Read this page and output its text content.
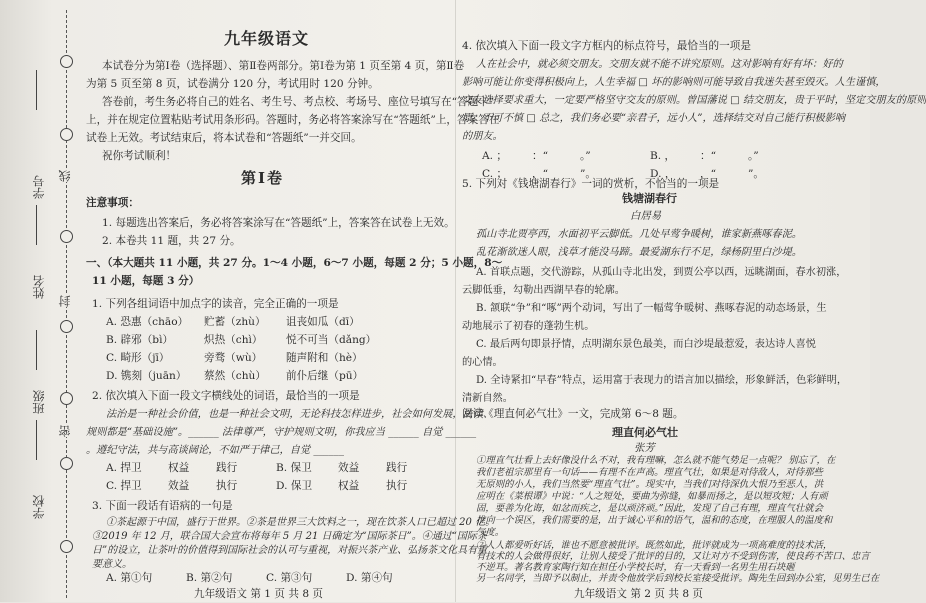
学号
姓名
班级
学校
线
封
密
九年级语文
本试卷分为第Ⅰ卷（选择题）、第Ⅱ卷两部分。第Ⅰ卷为第 1 页至第 4 页，第Ⅱ卷
为第 5 页至第 8 页，试卷满分 120 分，考试用时 120 分钟。
答卷前，考生务必将自己的姓名、考生号、考点校、考场号、座位号填写在“答题卡”
上，并在规定位置粘贴考试用条形码。答题时，务必将答案涂写在“答题纸”上，答案答在
试卷上无效。考试结束后，将本试卷和“答题纸”一并交回。
祝你考试顺利！
第Ⅰ卷
注意事项：
1. 每题选出答案后，务必将答案涂写在“答题纸”上，答案答在试卷上无效。
2. 本卷共 11 题，共 27 分。
一、（本大题共 11 小题，共 27 分。1～4 小题，6～7 小题，每题 2 分；5 小题，8～
11 小题，每题 3 分）
1. 下列各组词语中加点字的读音，完全正确的一项是
A. 恐惠（chāo） 贮蓄（zhù） 诅丧如瓜（dī）
B. 辟邪（bì）	炽热（chì） 悦不可当（dǎng）
C. 畸形（jī）	旁骛（wù） 随声附和（hè）
D. 镌刻（juān） 蔡然（chù） 前仆后继（pū）
2. 依次填入下面一段文字横线处的词语，最恰当的一项是
法治是一种社会价值，也是一种社会文明，无论科技怎样进步，社会如何发展，法律、
规则都是“基础设施”。______ 法律尊严，守护规则文明，你我应当 ______ 自觉 ______
。遵纪守法，共与高谈阔论，不如严于律己，自觉 ______
A. 捍卫 权益	践行	B. 保卫 效益	践行
C. 捍卫 效益	执行	D. 保卫 权益	执行
3. 下面一段话有语病的一句是
①茶起源于中国，盛行于世界。②茶是世界三大饮料之一，现在饮茶人口已超过 20 亿。
③2019 年 12 月，联合国大会宣布将每年 5 月 21 日确定为“国际茶日”。④通过“国际茶
日”的设立，让茶叶的价值得到国际社会的认可与重视，对振兴茶产业、弘扬茶文化具有重
要意义。
九年级语文 第 1 页 共 8 页
A. 第①句	B. 第②句	C. 第③句	D. 第④句
4. 依次填入下面一段文字方框内的标点符号，最恰当的一项是
人在社会中，就必须交朋友。交朋友就不能不讲究原则。这对影响有好有坏：好的
影响可能让你变得积极向上，人生幸福 □ 坏的影响则可能导致自我迷失甚至毁灭。人生谨慎，
交友选择要求重大，一定要严格坚守交友的原则。曾国藩说 □ 结交朋友，贵于平时，坚定交朋友的原则
原，不可不慎 □ 总之，我们务必要“亲君子，远小人”，选择结交对自己能行积极影响
的朋友。
A. ； ：“	。”	B. ， ：“	。”
C. ； ，“	”。	D. ， ，“	”。
钱塘湖春行
白居易
孤山寺北贾亭西，水面初平云脚低。几处早莺争暖树，谁家新燕啄春泥。
乱花渐欲迷人眼，浅草才能没马蹄。最爱湖东行不足，绿杨阴里白沙堤。
5. 下列对《钱塘湖春行》一词的赏析，不恰当的一项是
A. 首联点题，交代游踪，从孤山寺北出发，到贾公亭以西，远眺湖面，春水初涨，
云脚低垂，勾勒出西湖早春的轮廓。
B. 颔联“争”和“啄”两个动词，写出了一幅莺争暖树、燕啄春泥的动态场景，生
动地展示了初春的蓬勃生机。
C. 最后两句即景抒情，点明湖东景色最美，而白沙堤最惹爱，表达诗人喜悦
的心情。
D. 全诗紧扣“早春”特点，运用富于表现力的语言加以描绘，形象鲜活，色彩鲜明，
清新自然。
阅读《理直何必气壮》一文，完成第 6～8 题。
理直何必气壮
张芳
①理直气壮看上去好像没什么不对，我有理嘛，怎么就不能气势足一点呢？ 别忘了，在
我们老祖宗那里有一句话——有理不在声高。理直气壮，如果是对待敌人，对待那些
无原则的小人，我们当然要“理直气壮”。现实中，当我们对待深仇大恨乃至恶人，洪
应明在《菜根谭》中说：“人之短处，要曲为弥缝，如暴而扬之，是以短攻短；人有顽
固，要善为化诲，如忿而疾之，是以顽济顽。”因此，发现了自己有理，理直气壮就会
推向一个误区，我们需要的是，出于诚心平和的语气，温和的态度，在理服人的温度和
气度。
九年级语文 第 2 页 共 8 页
②人人都爱听好话，谁也不愿意被批评。既然如此，批评就成为一项高难度的技术活，
有技术的人会做得很好，让别人接受了批评的目的，又让对方不受到伤害，使良药不苦口、忠言
不逆耳。著名教育家陶行知在担任小学校长时，有一天看到一名男生用石块砸
另一名同学，当即予以制止，并责令他放学后到校长室接受批评。陶先生回到办公室，见男生已在
